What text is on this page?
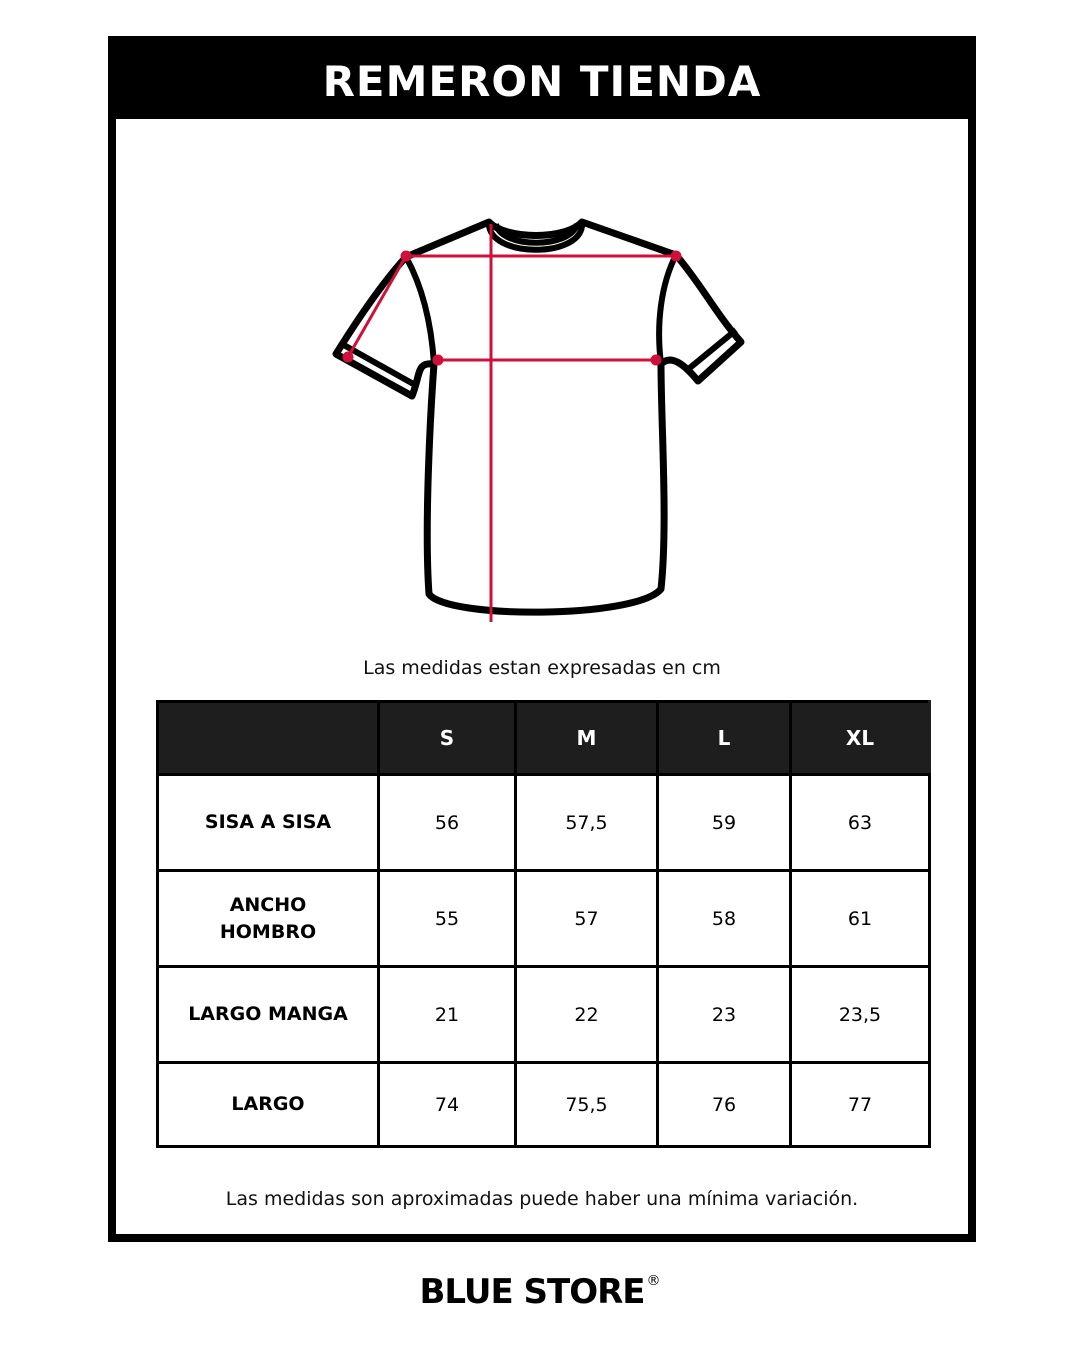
REMERON TIENDA
Las medidas estan expresadas en cm
	S	M	L	XL
SISA A SISA	56	57,5	59	63
ANCHO HOMBRO	55	57	58	61
LARGO MANGA	21	22	23	23,5
LARGO	74	75,5	76	77
Las medidas son aproximadas puede haber una mínima variación.
BLUE STORE ®
